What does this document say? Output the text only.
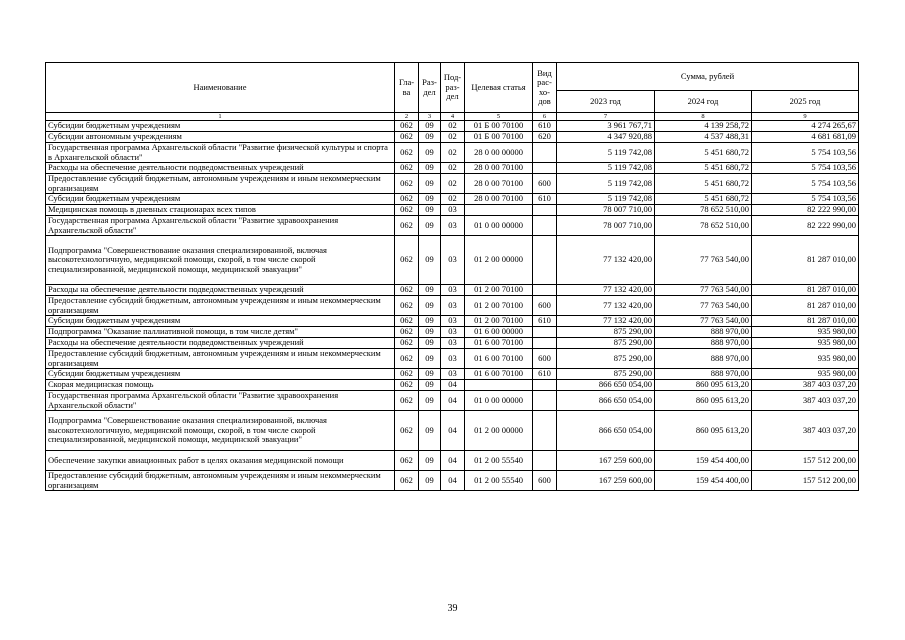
Наименование	Гла-ва	Раз-дел	Под-раз-дел	Целевая статья	Вид рас-хо-дов	Сумма, рублей		
						2023 год	2024 год	2025 год
1	2	3	4	5	6	7	8	9
Субсидии бюджетным учреждениям	062	09	02	01 Б 00 70100	610	3 961 767,71	4 139 258,72	4 274 265,67
Субсидии автономным учреждениям	062	09	02	01 Б 00 70100	620	4 347 920,88	4 537 488,31	4 681 681,09
Государственная программа Архангельской области "Развитие физической культуры и спорта в Архангельской области"	062	09	02	28 0 00 00000		5 119 742,08	5 451 680,72	5 754 103,56
Расходы на обеспечение деятельности подведомственных учреждений	062	09	02	28 0 00 70100		5 119 742,08	5 451 680,72	5 754 103,56
Предоставление субсидий бюджетным, автономным учреждениям и иным некоммерческим организациям	062	09	02	28 0 00 70100	600	5 119 742,08	5 451 680,72	5 754 103,56
Субсидии бюджетным учреждениям	062	09	02	28 0 00 70100	610	5 119 742,08	5 451 680,72	5 754 103,56
Медицинская помощь в дневных стационарах всех типов	062	09	03			78 007 710,00	78 652 510,00	82 222 990,00
Государственная программа Архангельской области "Развитие здравоохранения Архангельской области"	062	09	03	01 0 00 00000		78 007 710,00	78 652 510,00	82 222 990,00
Подпрограмма "Совершенствование оказания специализированной, включая высокотехнологичную, медицинской помощи, скорой, в том числе скорой специализированной, медицинской помощи, медицинской эвакуации"	062	09	03	01 2 00 00000		77 132 420,00	77 763 540,00	81 287 010,00
Расходы на обеспечение деятельности подведомственных учреждений	062	09	03	01 2 00 70100		77 132 420,00	77 763 540,00	81 287 010,00
Предоставление субсидий бюджетным, автономным учреждениям и иным некоммерческим организациям	062	09	03	01 2 00 70100	600	77 132 420,00	77 763 540,00	81 287 010,00
Субсидии бюджетным учреждениям	062	09	03	01 2 00 70100	610	77 132 420,00	77 763 540,00	81 287 010,00
Подпрограмма "Оказание паллиативной помощи, в том числе детям"	062	09	03	01 6 00 00000		875 290,00	888 970,00	935 980,00
Расходы на обеспечение деятельности подведомственных учреждений	062	09	03	01 6 00 70100		875 290,00	888 970,00	935 980,00
Предоставление субсидий бюджетным, автономным учреждениям и иным некоммерческим организациям	062	09	03	01 6 00 70100	600	875 290,00	888 970,00	935 980,00
Субсидии бюджетным учреждениям	062	09	03	01 6 00 70100	610	875 290,00	888 970,00	935 980,00
Скорая медицинская помощь	062	09	04			866 650 054,00	860 095 613,20	387 403 037,20
Государственная программа Архангельской области "Развитие здравоохранения Архангельской области"	062	09	04	01 0 00 00000		866 650 054,00	860 095 613,20	387 403 037,20
Подпрограмма "Совершенствование оказания специализированной, включая высокотехнологичную, медицинской помощи, скорой, в том числе скорой специализированной, медицинской помощи, медицинской эвакуации"	062	09	04	01 2 00 00000		866 650 054,00	860 095 613,20	387 403 037,20
Обеспечение закупки авиационных работ в целях оказания медицинской помощи	062	09	04	01 2 00 55540		167 259 600,00	159 454 400,00	157 512 200,00
Предоставление субсидий бюджетным, автономным учреждениям и иным некоммерческим организациям	062	09	04	01 2 00 55540	600	167 259 600,00	159 454 400,00	157 512 200,00
39
